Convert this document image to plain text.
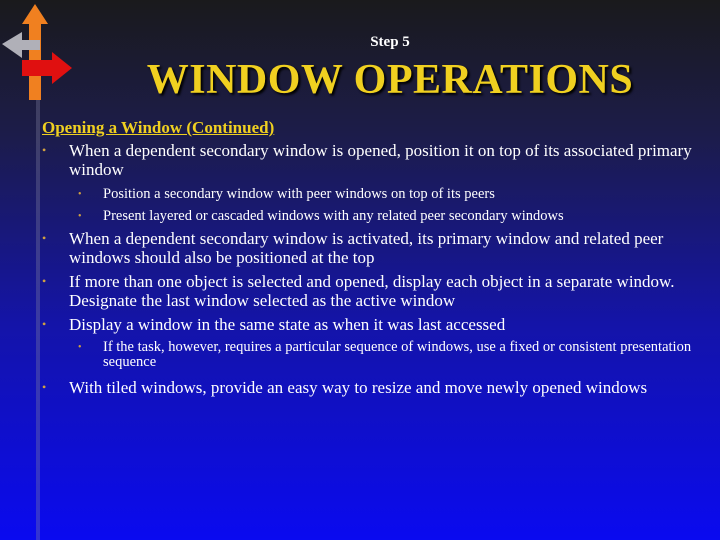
Step 5
WINDOW OPERATIONS
Opening a Window (Continued)
• When a dependent secondary window is opened, position it on top of its associated primary window
• Position a secondary window with peer windows on top of its peers
• Present layered or cascaded windows with any related peer secondary windows
• When a dependent secondary window is activated, its primary window and related peer windows should also be positioned at the top
• If more than one object is selected and opened, display each object in a separate window. Designate the last window selected as the active window
• Display a window in the same state as when it was last accessed
• If the task, however, requires a particular sequence of windows, use a fixed or consistent presentation sequence
• With tiled windows, provide an easy way to resize and move newly opened windows
